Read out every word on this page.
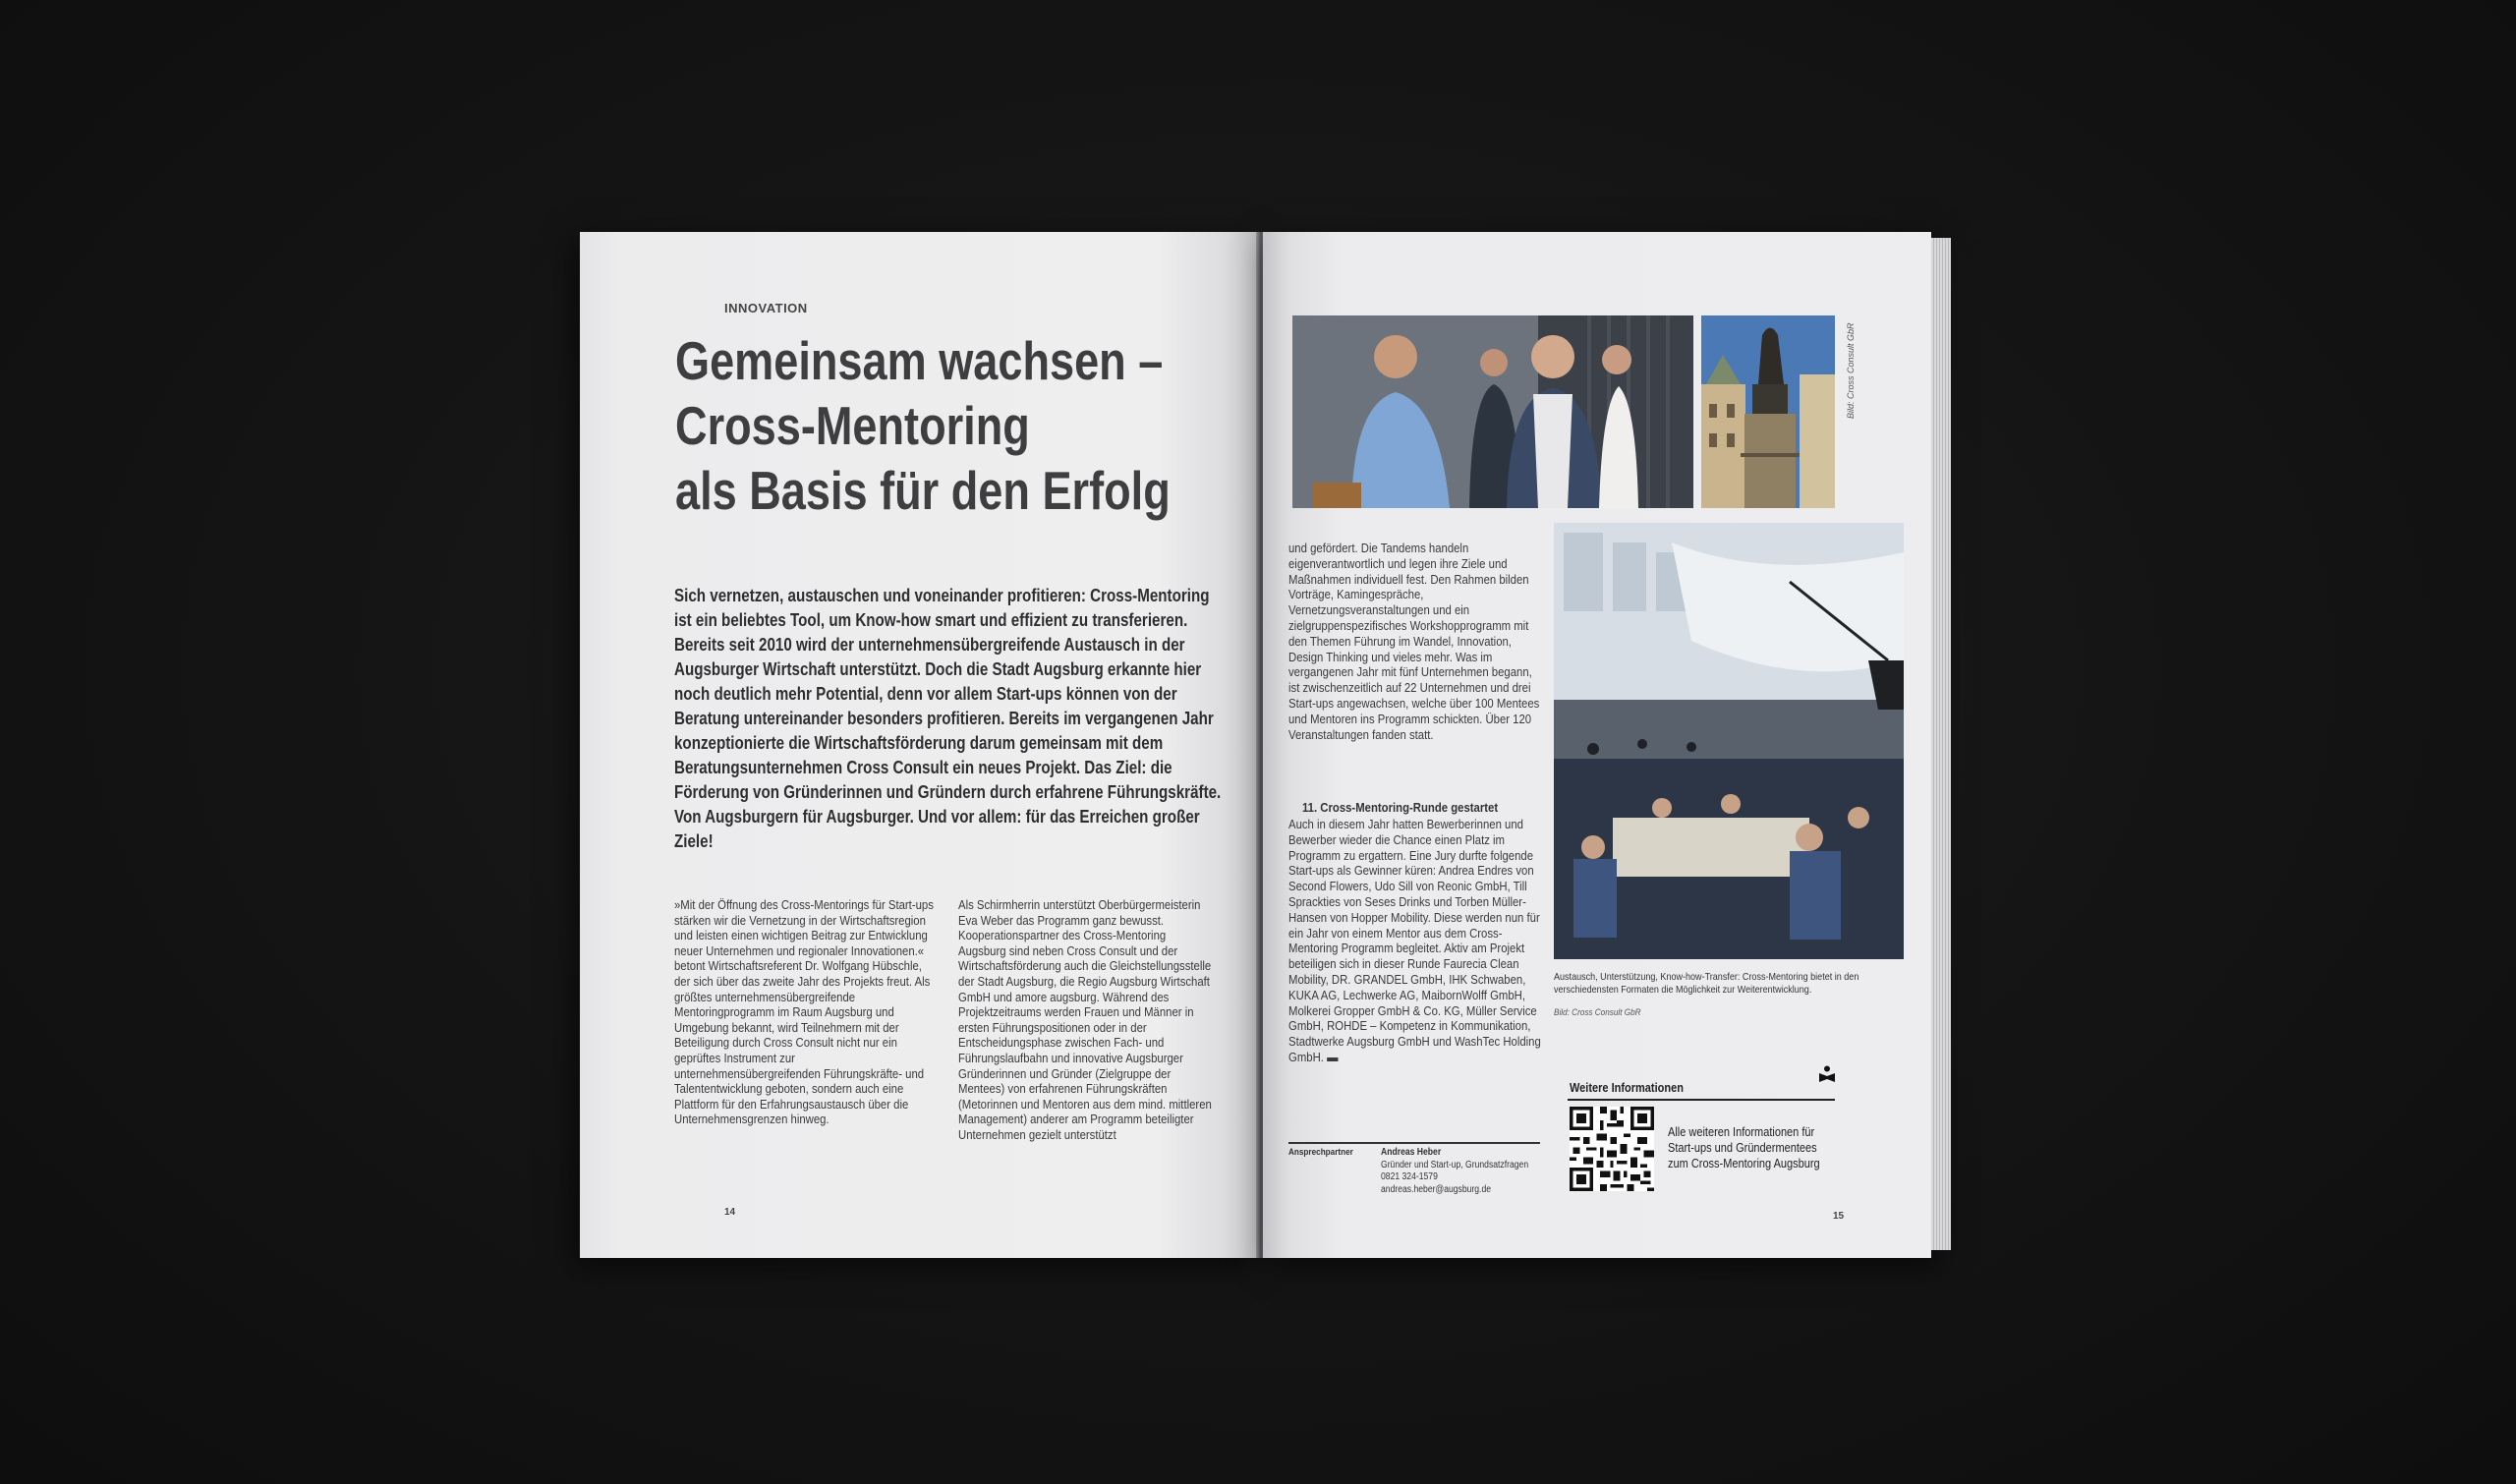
INNOVATION
Gemeinsam wachsen –
Cross-Mentoring
als Basis für den Erfolg

Sich vernetzen, austauschen und voneinander profitieren: Cross-Mentoring ist ein beliebtes Tool, um Know-how smart und effizient zu transferieren. Bereits seit 2010 wird der unternehmensübergreifende Austausch in der Augsburger Wirtschaft unterstützt. Doch die Stadt Augsburg erkannte hier noch deutlich mehr Potential, denn vor allem Start-ups können von der Beratung untereinander besonders profitieren. Bereits im vergangenen Jahr konzeptionierte die Wirtschaftsförderung darum gemeinsam mit dem Beratungsunternehmen Cross Consult ein neues Projekt. Das Ziel: die Förderung von Gründerinnen und Gründern durch erfahrene Führungskräfte. Von Augsburgern für Augsburger. Und vor allem: für das Erreichen großer Ziele!

»Mit der Öffnung des Cross-Mentorings für Start-ups stärken wir die Vernetzung in der Wirtschaftsregion und leisten einen wichtigen Beitrag zur Entwicklung neuer Unternehmen und regionaler Innovationen.« betont Wirtschaftsreferent Dr. Wolfgang Hübschle, der sich über das zweite Jahr des Projekts freut. Als größtes unternehmensübergreifende Mentoringprogramm im Raum Augsburg und Umgebung bekannt, wird Teilnehmern mit der Beteiligung durch Cross Consult nicht nur ein geprüftes Instrument zur unternehmensübergreifenden Führungskräfte- und Talententwicklung geboten, sondern auch eine Plattform für den Erfahrungsaustausch über die Unternehmensgrenzen hinweg.

Als Schirmherrin unterstützt Oberbürgermeisterin Eva Weber das Programm ganz bewusst. Kooperationspartner des Cross-Mentoring Augsburg sind neben Cross Consult und der Wirtschaftsförderung auch die Gleichstellungsstelle der Stadt Augsburg, die Regio Augsburg Wirtschaft GmbH und amore augsburg. Während des Projektzeitraums werden Frauen und Männer in ersten Führungspositionen oder in der Entscheidungsphase zwischen Fach- und Führungslaufbahn und innovative Augsburger Gründerinnen und Gründer (Zielgruppe der Mentees) von erfahrenen Führungskräften (Metorinnen und Mentoren aus dem mind. mittleren Management) anderer am Programm beteiligter Unternehmen gezielt unterstützt

14
Bild: Cross Consult GbR

und gefördert. Die Tandems handeln eigenverantwortlich und legen ihre Ziele und Maßnahmen individuell fest. Den Rahmen bilden Vorträge, Kamingespräche, Vernetzungsveranstaltungen und ein zielgruppenspezifisches Workshopprogramm mit den Themen Führung im Wandel, Innovation, Design Thinking und vieles mehr. Was im vergangenen Jahr mit fünf Unternehmen begann, ist zwischenzeitlich auf 22 Unternehmen und drei Start-ups angewachsen, welche über 100 Mentees und Mentoren ins Programm schickten. Über 120 Veranstaltungen fanden statt.

11. Cross-Mentoring-Runde gestartet

Auch in diesem Jahr hatten Bewerberinnen und Bewerber wieder die Chance einen Platz im Programm zu ergattern. Eine Jury durfte folgende Start-ups als Gewinner küren: Andrea Endres von Second Flowers, Udo Sill von Reonic GmbH, Till Sprackties von Seses Drinks und Torben Müller-Hansen von Hopper Mobility. Diese werden nun für ein Jahr von einem Mentor aus dem Cross-Mentoring Programm begleitet. Aktiv am Projekt beteiligen sich in dieser Runde Faurecia Clean Mobility, DR. GRANDEL GmbH, IHK Schwaben, KUKA AG, Lechwerke AG, MaibornWolff GmbH, Molkerei Gropper GmbH & Co. KG, Müller Service GmbH, ROHDE – Kompetenz in Kommunikation, Stadtwerke Augsburg GmbH und WashTec Holding GmbH. ▬

Austausch, Unterstützung, Know-how-Transfer: Cross-Mentoring bietet in den verschiedensten Formaten die Möglichkeit zur Weiterentwicklung.

Bild: Cross Consult GbR
Ansprechpartner	Andreas Heber
Gründer und Start-up, Grundsatzfragen
0821 324-1579
andreas.heber@augsburg.de
Weitere Informationen

Alle weiteren Informationen für Start-ups und Gründermentees zum Cross-Mentoring Augsburg

15
